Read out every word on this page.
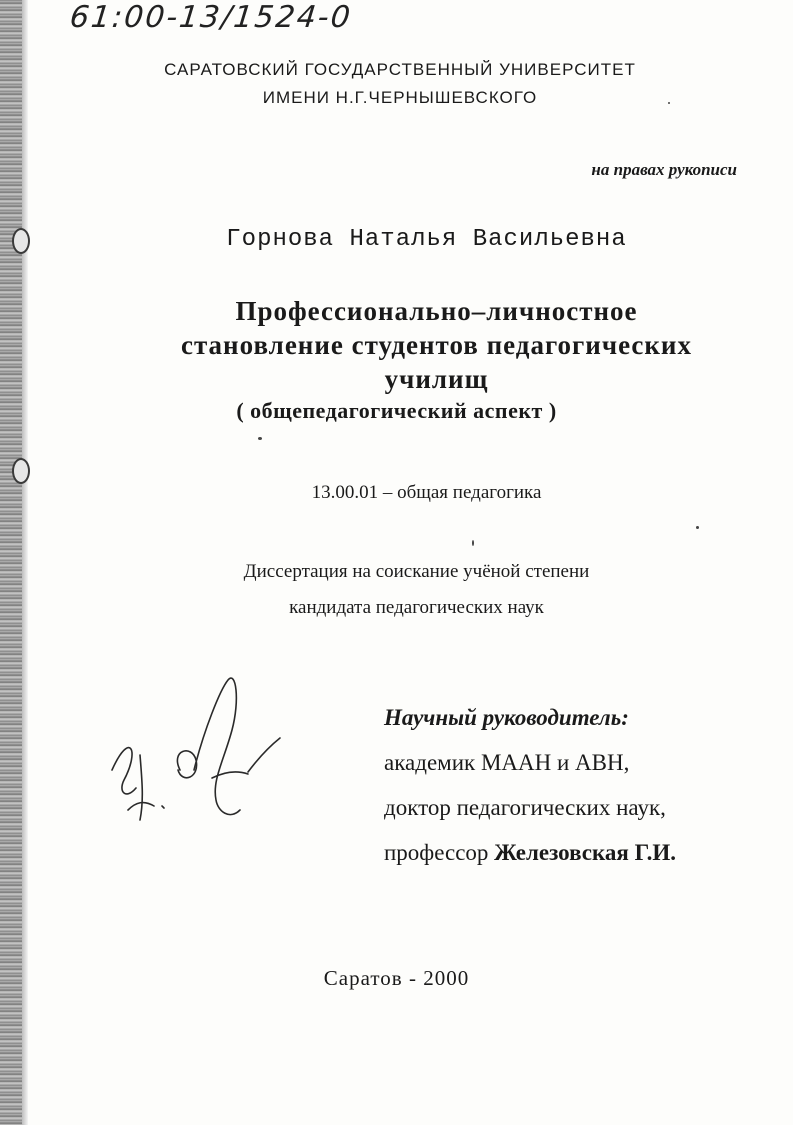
61:00-13/1524-0
САРАТОВСКИЙ ГОСУДАРСТВЕННЫЙ УНИВЕРСИТЕТ
ИМЕНИ Н.Г.ЧЕРНЫШЕВСКОГО
на правах рукописи
Горнова Наталья Васильевна
Профессионально–личностное
становление студентов педагогических
училищ
( общепедагогический аспект )
13.00.01 – общая педагогика
Диссертация на соискание учёной степени
кандидата педагогических наук
Научный руководитель:
академик МААН и АВН,
доктор педагогических наук,
профессор Железовская Г.И.
Саратов - 2000
